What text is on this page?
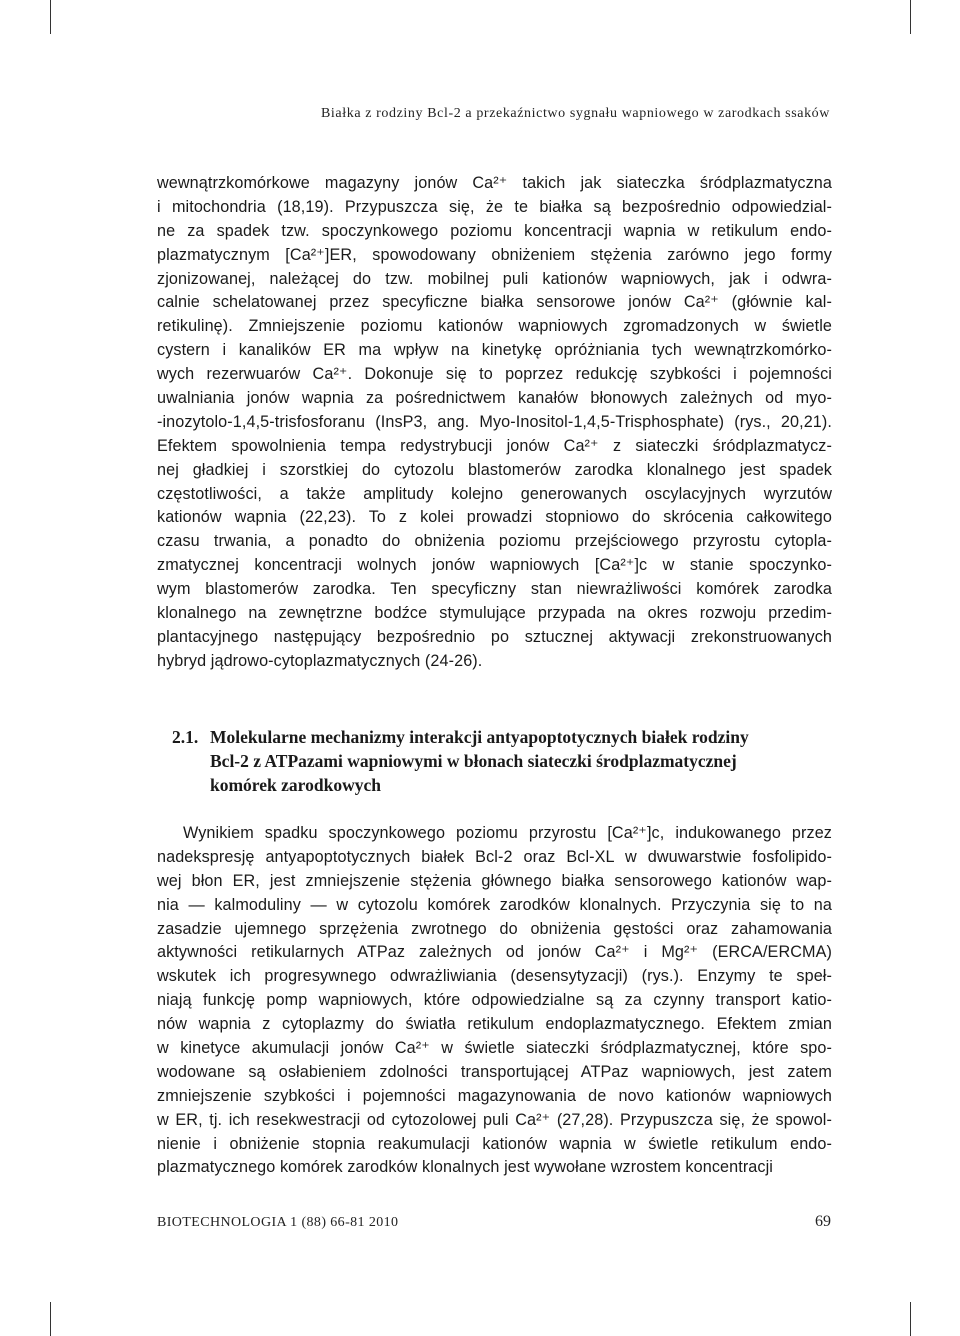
Białka z rodziny Bcl-2 a przekaźnictwo sygnału wapniowego w zarodkach ssaków
wewnątrzkomórkowe magazyny jonów Ca²⁺ takich jak siateczka śródplazmatyczna
i mitochondria (18,19). Przypuszcza się, że te białka są bezpośrednio odpowiedzial-
ne za spadek tzw. spoczynkowego poziomu koncentracji wapnia w retikulum endo-
plazmatycznym [Ca²⁺]ER, spowodowany obniżeniem stężenia zarówno jego formy
zjonizowanej, należącej do tzw. mobilnej puli kationów wapniowych, jak i odwra-
calnie schelatowanej przez specyficzne białka sensorowe jonów Ca²⁺ (głównie kal-
retikulinę). Zmniejszenie poziomu kationów wapniowych zgromadzonych w świetle
cystern i kanalików ER ma wpływ na kinetykę opróżniania tych wewnątrzkomórko-
wych rezerwuarów Ca²⁺. Dokonuje się to poprzez redukcję szybkości i pojemności
uwalniania jonów wapnia za pośrednictwem kanałów błonowych zależnych od myo-
-inozytolo-1,4,5-trisfosforanu (InsP3, ang. Myo-Inositol-1,4,5-Trisphosphate) (rys., 20,21).
Efektem spowolnienia tempa redystrybucji jonów Ca²⁺ z siateczki śródplazmatycz-
nej gładkiej i szorstkiej do cytozolu blastomerów zarodka klonalnego jest spadek
częstotliwości, a także amplitudy kolejno generowanych oscylacyjnych wyrzutów
kationów wapnia (22,23). To z kolei prowadzi stopniowo do skrócenia całkowitego
czasu trwania, a ponadto do obniżenia poziomu przejściowego przyrostu cytopla-
zmatycznej koncentracji wolnych jonów wapniowych [Ca²⁺]c w stanie spoczynko-
wym blastomerów zarodka. Ten specyficzny stan niewrażliwości komórek zarodka
klonalnego na zewnętrzne bodźce stymulujące przypada na okres rozwoju przedim-
plantacyjnego następujący bezpośrednio po sztucznej aktywacji zrekonstruowanych
hybryd jądrowo-cytoplazmatycznych (24-26).
2.1. Molekularne mechanizmy interakcji antyapoptotycznych białek rodziny
Bcl-2 z ATPazami wapniowymi w błonach siateczki środplazmatycznej
komórek zarodkowych
Wynikiem spadku spoczynkowego poziomu przyrostu [Ca²⁺]c, indukowanego przez
nadekspresję antyapoptotycznych białek Bcl-2 oraz Bcl-XL w dwuwarstwie fosfolipido-
wej błon ER, jest zmniejszenie stężenia głównego białka sensorowego kationów wap-
nia — kalmoduliny — w cytozolu komórek zarodków klonalnych. Przyczynia się to na
zasadzie ujemnego sprzężenia zwrotnego do obniżenia gęstości oraz zahamowania
aktywności retikularnych ATPaz zależnych od jonów Ca²⁺ i Mg²⁺ (ERCA/ERCMA)
wskutek ich progresywnego odwrażliwiania (desensytyzacji) (rys.). Enzymy te speł-
niają funkcję pomp wapniowych, które odpowiedzialne są za czynny transport katio-
nów wapnia z cytoplazmy do światła retikulum endoplazmatycznego. Efektem zmian
w kinetyce akumulacji jonów Ca²⁺ w świetle siateczki śródplazmatycznej, które spo-
wodowane są osłabieniem zdolności transportującej ATPaz wapniowych, jest zatem
zmniejszenie szybkości i pojemności magazynowania de novo kationów wapniowych
w ER, tj. ich resekwestracji od cytozolowej puli Ca²⁺ (27,28). Przypuszcza się, że spowol-
nienie i obniżenie stopnia reakumulacji kationów wapnia w świetle retikulum endo-
plazmatycznego komórek zarodków klonalnych jest wywołane wzrostem koncentracji
BIOTECHNOLOGIA 1 (88) 66-81 2010	69
